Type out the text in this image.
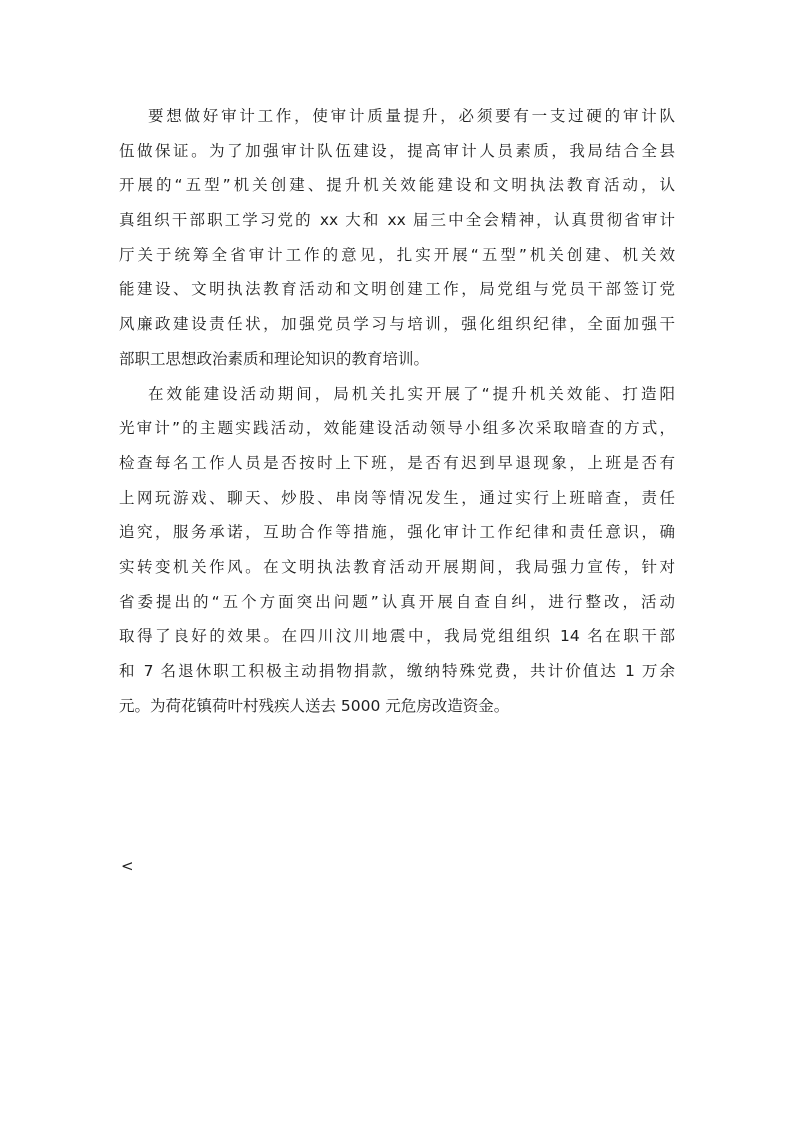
要想做好审计工作，使审计质量提升，必须要有一支过硬的审计队
伍做保证。为了加强审计队伍建设，提高审计人员素质，我局结合全县
开展的“五型”机关创建、提升机关效能建设和文明执法教育活动，认
真组织干部职工学习党的 xx 大和 xx 届三中全会精神，认真贯彻省审计
厅关于统筹全省审计工作的意见，扎实开展“五型”机关创建、机关效
能建设、文明执法教育活动和文明创建工作，局党组与党员干部签订党
风廉政建设责任状，加强党员学习与培训，强化组织纪律，全面加强干
部职工思想政治素质和理论知识的教育培训。
在效能建设活动期间，局机关扎实开展了“提升机关效能、打造阳
光审计”的主题实践活动，效能建设活动领导小组多次采取暗查的方式，
检查每名工作人员是否按时上下班，是否有迟到早退现象，上班是否有
上网玩游戏、聊天、炒股、串岗等情况发生，通过实行上班暗查，责任
追究，服务承诺，互助合作等措施，强化审计工作纪律和责任意识，确
实转变机关作风。在文明执法教育活动开展期间，我局强力宣传，针对
省委提出的“五个方面突出问题”认真开展自查自纠，进行整改，活动
取得了良好的效果。在四川汶川地震中，我局党组组织 14 名在职干部
和 7 名退休职工积极主动捐物捐款，缴纳特殊党费，共计价值达 1 万余
元。为荷花镇荷叶村残疾人送去 5000 元危房改造资金。
<
